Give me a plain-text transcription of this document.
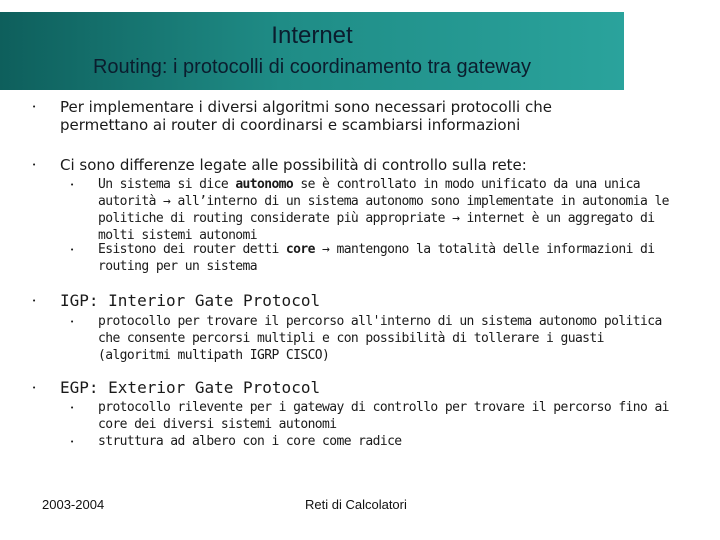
Internet
Routing: i protocolli di coordinamento tra gateway
• Per implementare i diversi algoritmi sono necessari protocolli che permettano ai router di coordinarsi e scambiarsi informazioni
• Ci sono differenze legate alle possibilità di controllo sulla rete:
• Un sistema si dice autonomo se è controllato in modo unificato da una unica autorità → all’interno di un sistema autonomo sono implementate in autonomia le politiche di routing considerate più appropriate → internet è un aggregato di molti sistemi autonomi
• Esistono dei router detti core → mantengono la totalità delle informazioni di routing per un sistema
• IGP: Interior Gate Protocol
• protocollo per trovare il percorso all'interno di un sistema autonomo politica che consente percorsi multipli e con possibilità di tollerare i guasti (algoritmi multipath IGRP CISCO)
• EGP: Exterior Gate Protocol
• protocollo rilevente per i gateway di controllo per trovare il percorso fino ai core dei diversi sistemi autonomi
• struttura ad albero con i core come radice
2003-2004	Reti di Calcolatori
